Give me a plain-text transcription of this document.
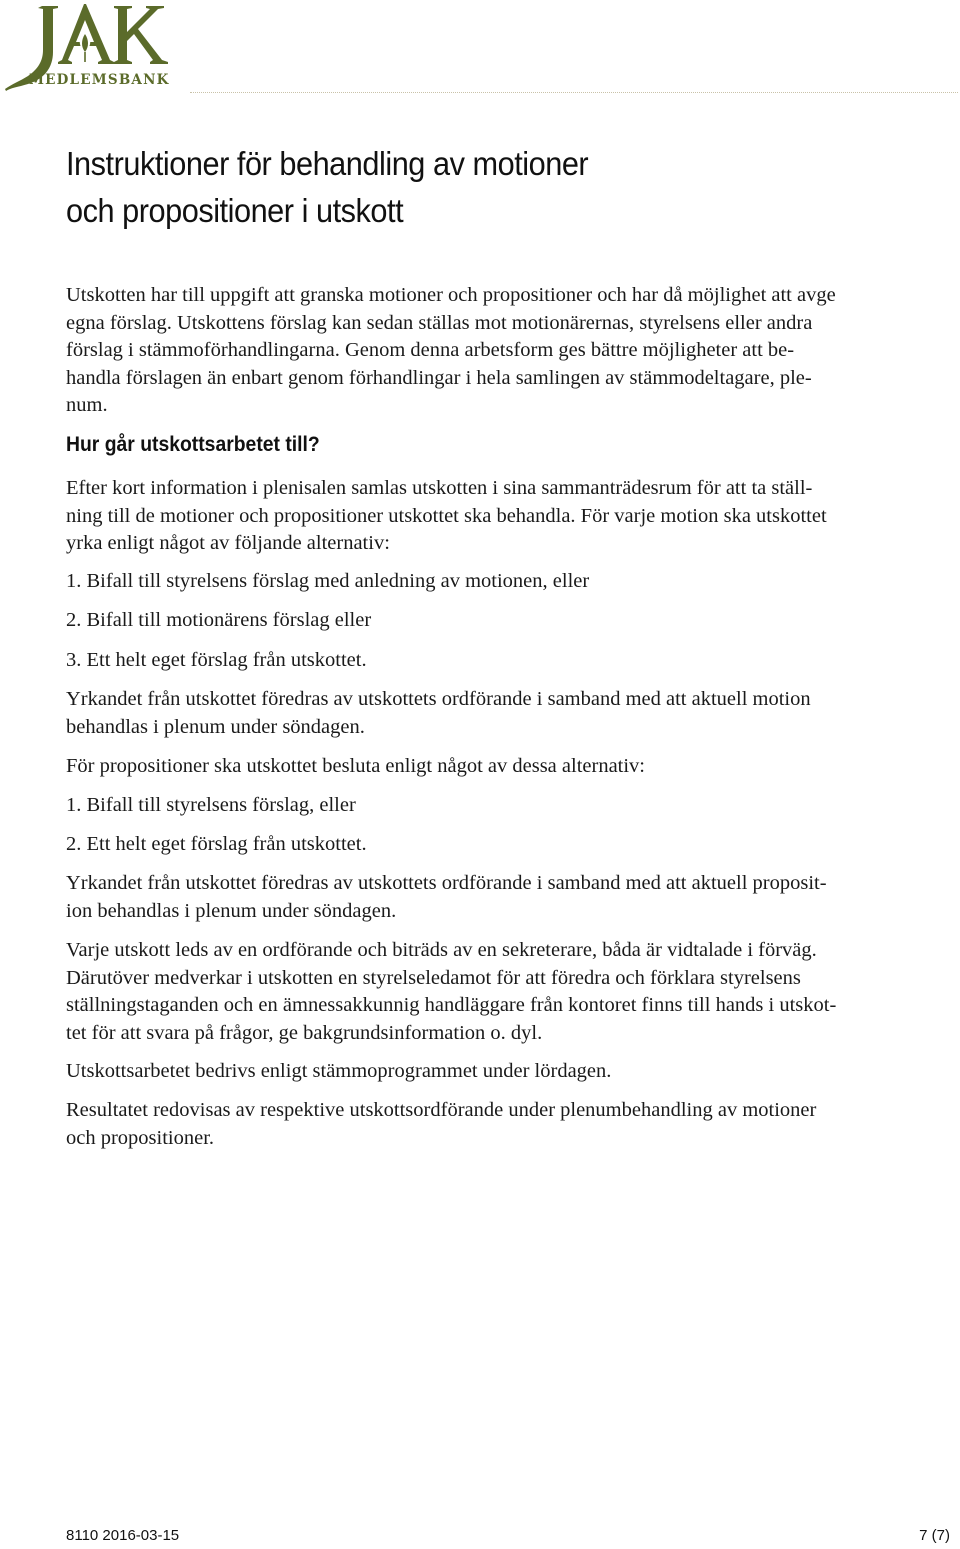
MEDLEMSBANK
Instruktioner för behandling av motioner
och propositioner i utskott
Utskotten har till uppgift att granska motioner och propositioner och har då möjlighet att avge
egna förslag. Utskottens förslag kan sedan ställas mot motionärernas, styrelsens eller andra
förslag i stämmoförhandlingarna. Genom denna arbetsform ges bättre möjligheter att be-
handla förslagen än enbart genom förhandlingar i hela samlingen av stämmodeltagare, ple-
num.
Hur går utskottsarbetet till?
Efter kort information i plenisalen samlas utskotten i sina sammanträdesrum för att ta ställ-
ning till de motioner och propositioner utskottet ska behandla. För varje motion ska utskottet
yrka enligt något av följande alternativ:
1. Bifall till styrelsens förslag med anledning av motionen, eller
2. Bifall till motionärens förslag eller
3. Ett helt eget förslag från utskottet.
Yrkandet från utskottet föredras av utskottets ordförande i samband med att aktuell motion
behandlas i plenum under söndagen.
För propositioner ska utskottet besluta enligt något av dessa alternativ:
1. Bifall till styrelsens förslag, eller
2. Ett helt eget förslag från utskottet.
Yrkandet från utskottet föredras av utskottets ordförande i samband med att aktuell proposit-
ion behandlas i plenum under söndagen.
Varje utskott leds av en ordförande och biträds av en sekreterare, båda är vidtalade i förväg.
Därutöver medverkar i utskotten en styrelseledamot för att föredra och förklara styrelsens
ställningstaganden och en ämnessakkunnig handläggare från kontoret finns till hands i utskot-
tet för att svara på frågor, ge bakgrundsinformation o. dyl.
Utskottsarbetet bedrivs enligt stämmoprogrammet under lördagen.
Resultatet redovisas av respektive utskottsordförande under plenumbehandling av motioner
och propositioner.
8110 2016-03-15	7 (7)
